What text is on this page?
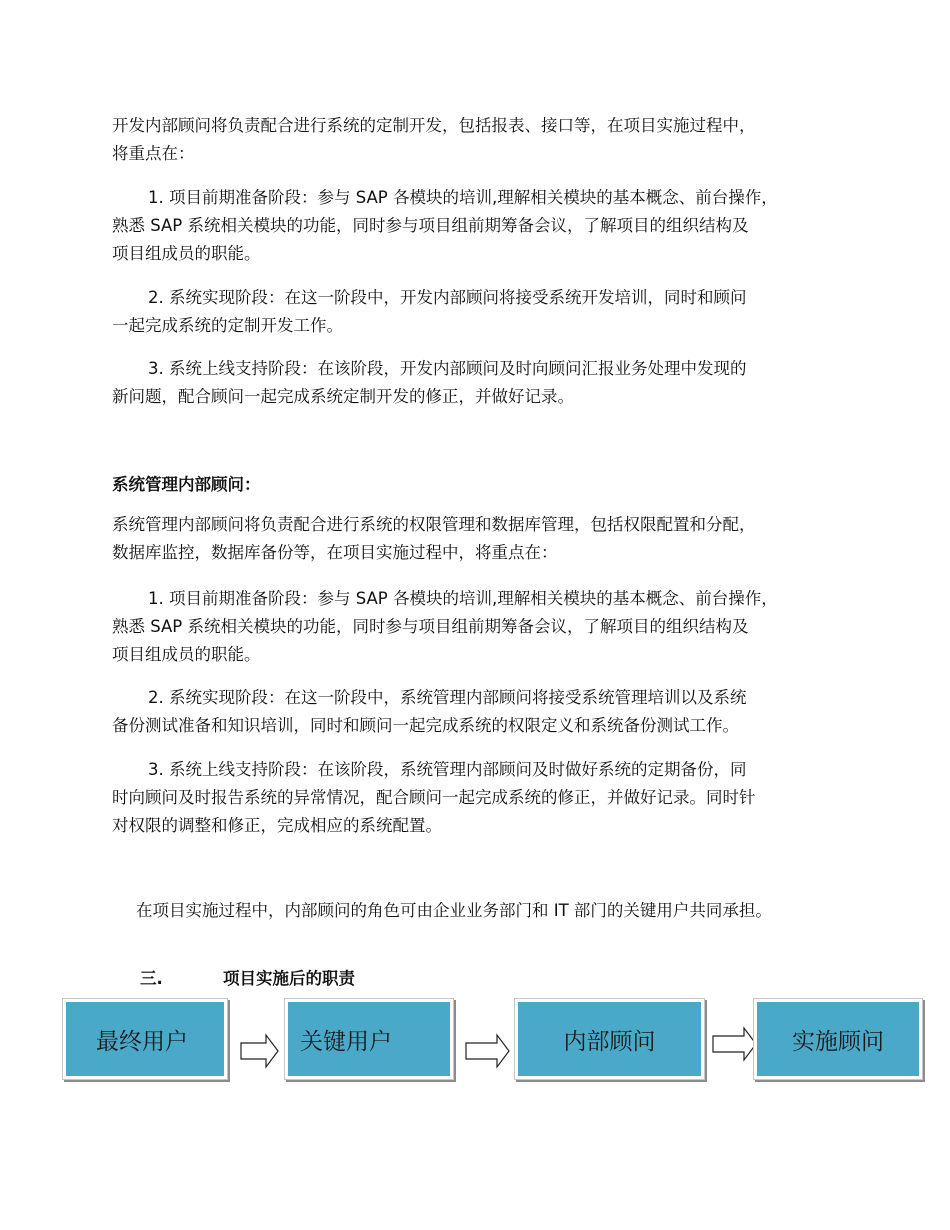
开发内部顾问将负责配合进行系统的定制开发，包括报表、接口等，在项目实施过程中，
将重点在：

1. 项目前期准备阶段：参与 SAP 各模块的培训,理解相关模块的基本概念、前台操作，
熟悉 SAP 系统相关模块的功能，同时参与项目组前期筹备会议，了解项目的组织结构及
项目组成员的职能。

2. 系统实现阶段：在这一阶段中，开发内部顾问将接受系统开发培训，同时和顾问
一起完成系统的定制开发工作。

3. 系统上线支持阶段：在该阶段，开发内部顾问及时向顾问汇报业务处理中发现的
新问题，配合顾问一起完成系统定制开发的修正，并做好记录。

系统管理内部顾问：

系统管理内部顾问将负责配合进行系统的权限管理和数据库管理，包括权限配置和分配，
数据库监控，数据库备份等，在项目实施过程中，将重点在：

1. 项目前期准备阶段：参与 SAP 各模块的培训,理解相关模块的基本概念、前台操作，
熟悉 SAP 系统相关模块的功能，同时参与项目组前期筹备会议，了解项目的组织结构及
项目组成员的职能。

2. 系统实现阶段：在这一阶段中，系统管理内部顾问将接受系统管理培训以及系统
备份测试准备和知识培训，同时和顾问一起完成系统的权限定义和系统备份测试工作。

3. 系统上线支持阶段：在该阶段，系统管理内部顾问及时做好系统的定期备份，同
时向顾问及时报告系统的异常情况，配合顾问一起完成系统的修正，并做好记录。同时针
对权限的调整和修正，完成相应的系统配置。

在项目实施过程中，内部顾问的角色可由企业业务部门和 IT 部门的关键用户共同承担。

三.	项目实施后的职责
最终用户	关键用户	内部顾问	实施顾问
